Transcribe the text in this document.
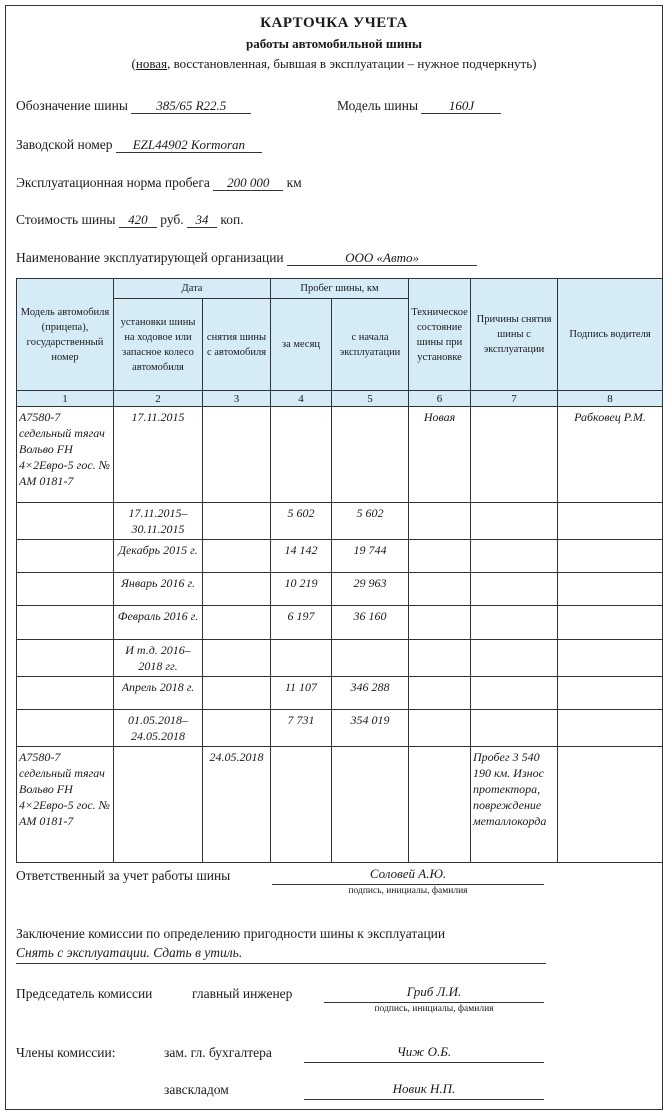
КАРТОЧКА УЧЕТА
работы автомобильной шины
(новая, восстановленная, бывшая в эксплуатации – нужное подчеркнуть)
Обозначение шины 385/65 R22.5	Модель шины 160J
Заводской номер EZL44902 Kormoran
Эксплуатационная норма пробега 200 000 км
Стоимость шины 420 руб. 34 коп.
Наименование эксплуатирующей организации	ООО «Авто»
Модель автомобиля (прицепа), государственный номер	Дата		Пробег шины, км		Техническое состояние шины при установке	Причины снятия шины с эксплуатации	Подпись водителя
	установки шины на ходовое или запасное колесо автомобиля	снятия шины с автомобиля	за месяц	с начала эксплуатации			
1	2	3	4	5	6	7	8
А7580-7 седельный тягач Вольво FH 4×2Евро-5 гос. № АМ 0181-7	17.11.2015				Новая		Рабковец Р.М.
	17.11.2015–30.11.2015		5 602	5 602			
	Декабрь 2015 г.		14 142	19 744			
	Январь 2016 г.		10 219	29 963			
	Февраль 2016 г.		6 197	36 160			
	И т.д. 2016–2018 гг.						
	Апрель 2018 г.		11 107	346 288			
	01.05.2018–24.05.2018		7 731	354 019			
А7580-7 седельный тягач Вольво FH 4×2Евро-5 гос. № АМ 0181-7		24.05.2018				Пробег 3 540 190 км. Износ протектора, повреждение металлокорда	
Ответственный за учет работы шины	Соловей А.Ю.
подпись, инициалы, фамилия
Заключение комиссии по определению пригодности шины к эксплуатации
Снять с эксплуатации. Сдать в утиль.
Председатель комиссии	главный инженер	Гриб Л.И.
подпись, инициалы, фамилия
Члены комиссии:	зам. гл. бухгалтера	Чиж О.Б.
завскладом	Новик Н.П.
